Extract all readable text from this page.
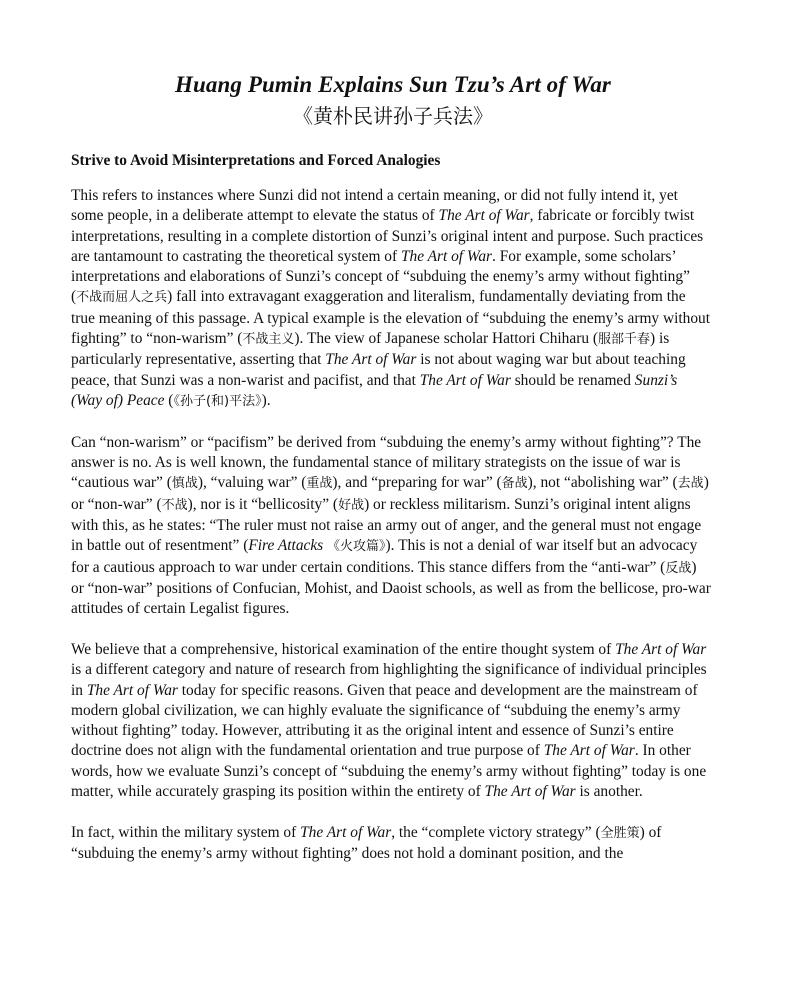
Huang Pumin Explains Sun Tzu’s Art of War
《黄朴民讲孙子兵法》
Strive to Avoid Misinterpretations and Forced Analogies

This refers to instances where Sunzi did not intend a certain meaning, or did not fully intend it, yet some people, in a deliberate attempt to elevate the status of The Art of War, fabricate or forcibly twist interpretations, resulting in a complete distortion of Sunzi’s original intent and purpose. Such practices are tantamount to castrating the theoretical system of The Art of War. For example, some scholars’ interpretations and elaborations of Sunzi’s concept of “subduing the enemy’s army without fighting” (不战而屈人之兵) fall into extravagant exaggeration and literalism, fundamentally deviating from the true meaning of this passage. A typical example is the elevation of “subduing the enemy’s army without fighting” to “non-warism” (不战主义). The view of Japanese scholar Hattori Chiharu (服部千春) is particularly representative, asserting that The Art of War is not about waging war but about teaching peace, that Sunzi was a non-warist and pacifist, and that The Art of War should be renamed Sunzi’s (Way of) Peace (《孙子(和)平法》).

Can “non-warism” or “pacifism” be derived from “subduing the enemy’s army without fighting”? The answer is no. As is well known, the fundamental stance of military strategists on the issue of war is “cautious war” (慎战), “valuing war” (重战), and “preparing for war” (备战), not “abolishing war” (去战) or “non-war” (不战), nor is it “bellicosity” (好战) or reckless militarism. Sunzi’s original intent aligns with this, as he states: “The ruler must not raise an army out of anger, and the general must not engage in battle out of resentment” (Fire Attacks 《火攻篇》). This is not a denial of war itself but an advocacy for a cautious approach to war under certain conditions. This stance differs from the “anti-war” (反战) or “non-war” positions of Confucian, Mohist, and Daoist schools, as well as from the bellicose, pro-war attitudes of certain Legalist figures.

We believe that a comprehensive, historical examination of the entire thought system of The Art of War is a different category and nature of research from highlighting the significance of individual principles in The Art of War today for specific reasons. Given that peace and development are the mainstream of modern global civilization, we can highly evaluate the significance of “subduing the enemy’s army without fighting” today. However, attributing it as the original intent and essence of Sunzi’s entire doctrine does not align with the fundamental orientation and true purpose of The Art of War. In other words, how we evaluate Sunzi’s concept of “subduing the enemy’s army without fighting” today is one matter, while accurately grasping its position within the entirety of The Art of War is another.

In fact, within the military system of The Art of War, the “complete victory strategy” (全胜策) of “subduing the enemy’s army without fighting” does not hold a dominant position, and the
